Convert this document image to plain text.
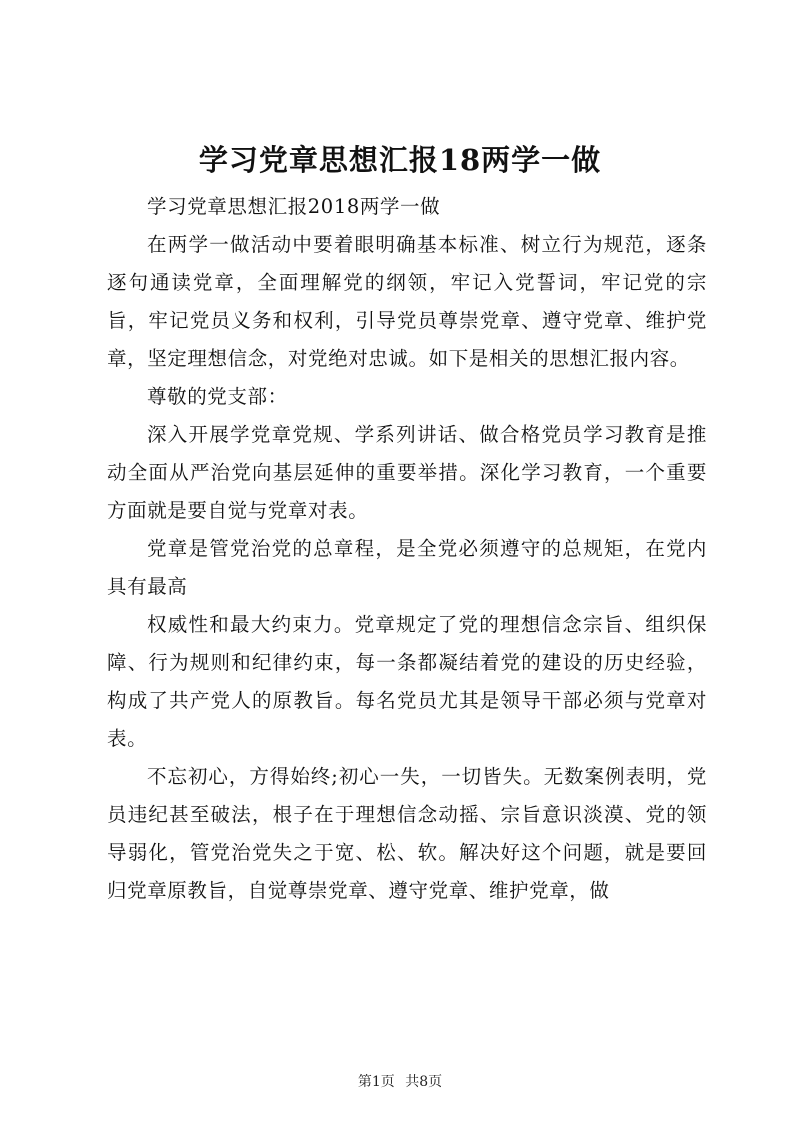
学习党章思想汇报18两学一做

学习党章思想汇报2018两学一做

在两学一做活动中要着眼明确基本标准、树立行为规范，逐条逐句通读党章，全面理解党的纲领，牢记入党誓词，牢记党的宗旨，牢记党员义务和权利，引导党员尊崇党章、遵守党章、维护党章，坚定理想信念，对党绝对忠诚。如下是相关的思想汇报内容。

尊敬的党支部：

深入开展学党章党规、学系列讲话、做合格党员学习教育是推动全面从严治党向基层延伸的重要举措。深化学习教育，一个重要方面就是要自觉与党章对表。

党章是管党治党的总章程，是全党必须遵守的总规矩，在党内具有最高

权威性和最大约束力。党章规定了党的理想信念宗旨、组织保障、行为规则和纪律约束，每一条都凝结着党的建设的历史经验，构成了共产党人的原教旨。每名党员尤其是领导干部必须与党章对表。

不忘初心，方得始终;初心一失，一切皆失。无数案例表明，党员违纪甚至破法，根子在于理想信念动摇、宗旨意识淡漠、党的领导弱化，管党治党失之于宽、松、软。解决好这个问题，就是要回归党章原教旨，自觉尊崇党章、遵守党章、维护党章，做

第1页 共8页
